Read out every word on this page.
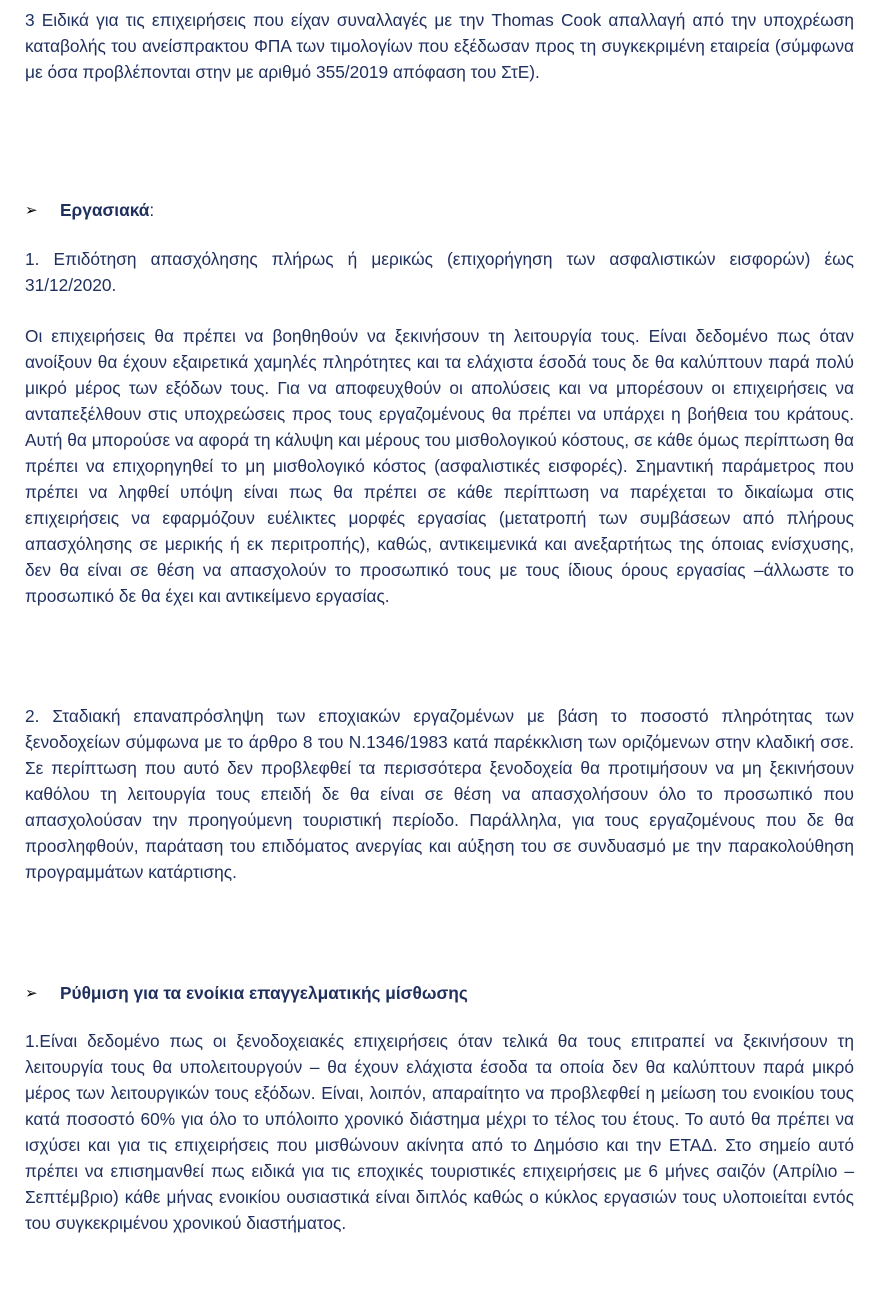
3 Ειδικά για τις επιχειρήσεις που είχαν συναλλαγές με την Thomas Cook απαλλαγή από την υποχρέωση καταβολής του ανείσπρακτου ΦΠΑ των τιμολογίων που εξέδωσαν προς τη συγκεκριμένη εταιρεία (σύμφωνα με όσα προβλέπονται στην με αριθμό 355/2019 απόφαση του ΣτΕ).

➢	Εργασιακά :

1. Επιδότηση απασχόλησης πλήρως ή μερικώς (επιχορήγηση των ασφαλιστικών εισφορών) έως 31/12/2020.

Οι επιχειρήσεις θα πρέπει να βοηθηθούν να ξεκινήσουν τη λειτουργία τους. Είναι δεδομένο πως όταν ανοίξουν θα έχουν εξαιρετικά χαμηλές πληρότητες και τα ελάχιστα έσοδά τους δε θα καλύπτουν παρά πολύ μικρό μέρος των εξόδων τους. Για να αποφευχθούν οι απολύσεις και να μπορέσουν οι επιχειρήσεις να ανταπεξέλθουν στις υποχρεώσεις προς τους εργαζομένους θα πρέπει να υπάρχει η βοήθεια του κράτους. Αυτή θα μπορούσε να αφορά τη κάλυψη και μέρους του μισθολογικού κόστους, σε κάθε όμως περίπτωση θα πρέπει να επιχορηγηθεί το μη μισθολογικό κόστος (ασφαλιστικές εισφορές). Σημαντική παράμετρος που πρέπει να ληφθεί υπόψη είναι πως θα πρέπει σε κάθε περίπτωση να παρέχεται το δικαίωμα στις επιχειρήσεις να εφαρμόζουν ευέλικτες μορφές εργασίας (μετατροπή των συμβάσεων από πλήρους απασχόλησης σε μερικής ή εκ περιτροπής), καθώς, αντικειμενικά και ανεξαρτήτως της όποιας ενίσχυσης, δεν θα είναι σε θέση να απασχολούν το προσωπικό τους με τους ίδιους όρους εργασίας –άλλωστε το προσωπικό δε θα έχει και αντικείμενο εργασίας.

2. Σταδιακή επαναπρόσληψη των εποχιακών εργαζομένων με βάση το ποσοστό πληρότητας των ξενοδοχείων σύμφωνα με το άρθρο 8 του Ν.1346/1983 κατά παρέκκλιση των οριζόμενων στην κλαδική σσε. Σε περίπτωση που αυτό δεν προβλεφθεί τα περισσότερα ξενοδοχεία θα προτιμήσουν να μη ξεκινήσουν καθόλου τη λειτουργία τους επειδή δε θα είναι σε θέση να απασχολήσουν όλο το προσωπικό που απασχολούσαν την προηγούμενη τουριστική περίοδο. Παράλληλα, για τους εργαζομένους που δε θα προσληφθούν, παράταση του επιδόματος ανεργίας και αύξηση του σε συνδυασμό με την παρακολούθηση προγραμμάτων κατάρτισης.

➢	Ρύθμιση για τα ενοίκια επαγγελματικής μίσθωσης

1.Είναι δεδομένο πως οι ξενοδοχειακές επιχειρήσεις όταν τελικά θα τους επιτραπεί να ξεκινήσουν τη λειτουργία τους θα υπολειτουργούν – θα έχουν ελάχιστα έσοδα τα οποία δεν θα καλύπτουν παρά μικρό μέρος των λειτουργικών τους εξόδων. Είναι, λοιπόν, απαραίτητο να προβλεφθεί η μείωση του ενοικίου τους κατά ποσοστό 60% για όλο το υπόλοιπο χρονικό διάστημα μέχρι το τέλος του έτους. Το αυτό θα πρέπει να ισχύσει και για τις επιχειρήσεις που μισθώνουν ακίνητα από το Δημόσιο και την ΕΤΑΔ. Στο σημείο αυτό πρέπει να επισημανθεί πως ειδικά για τις εποχικές τουριστικές επιχειρήσεις με 6 μήνες σαιζόν (Απρίλιο – Σεπτέμβριο) κάθε μήνας ενοικίου ουσιαστικά είναι διπλός καθώς ο κύκλος εργασιών τους υλοποιείται εντός του συγκεκριμένου χρονικού διαστήματος.
